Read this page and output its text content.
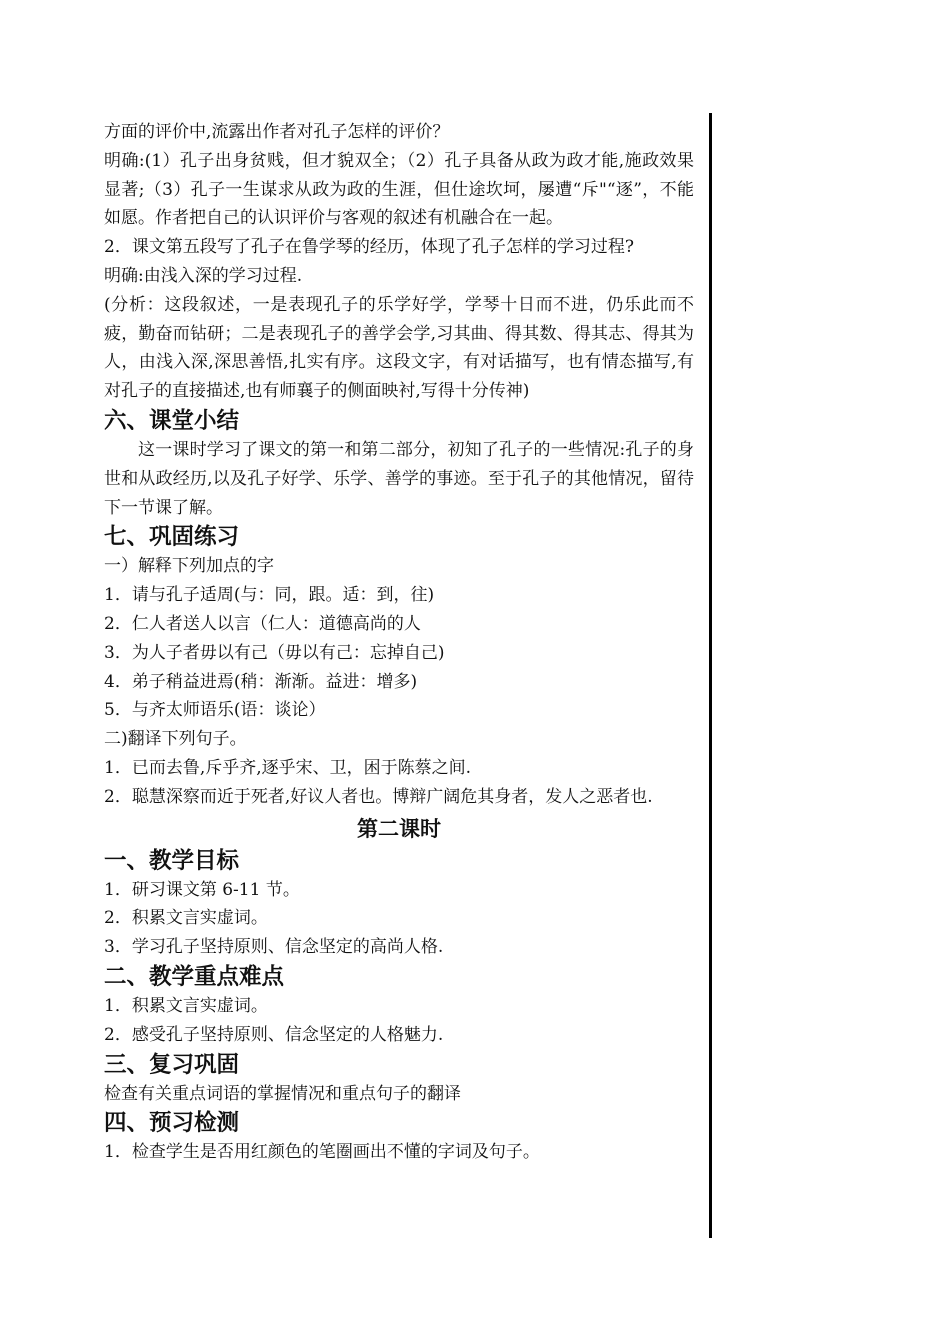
方面的评价中,流露出作者对孔子怎样的评价？

明确:(1）孔子出身贫贱，但才貌双全；（2）孔子具备从政为政才能,施政效果显著;（3）孔子一生谋求从政为政的生涯，但仕途坎坷，屡遭“斥"“逐”，不能如愿。作者把自己的认识评价与客观的叙述有机融合在一起。

2．课文第五段写了孔子在鲁学琴的经历，体现了孔子怎样的学习过程?

明确:由浅入深的学习过程.

(分析：这段叙述，一是表现孔子的乐学好学，学琴十日而不进，仍乐此而不疲，勤奋而钻研；二是表现孔子的善学会学,习其曲、得其数、得其志、得其为人，由浅入深,深思善悟,扎实有序。这段文字，有对话描写，也有情态描写,有对孔子的直接描述,也有师襄子的侧面映衬,写得十分传神)

六、课堂小结

这一课时学习了课文的第一和第二部分，初知了孔子的一些情况:孔子的身世和从政经历,以及孔子好学、乐学、善学的事迹。至于孔子的其他情况，留待下一节课了解。

七、巩固练习

一）解释下列加点的字

1．请与孔子适周(与：同，跟。适：到，往)

2．仁人者送人以言（仁人：道德高尚的人

3．为人子者毋以有己（毋以有己：忘掉自己)

4．弟子稍益进焉(稍：渐渐。益进：增多)

5．与齐太师语乐(语：谈论）

二)翻译下列句子。

1．已而去鲁,斥乎齐,逐乎宋、卫，困于陈蔡之间.

2．聪慧深察而近于死者,好议人者也。博辩广阔危其身者，发人之恶者也.

第二课时

一、教学目标

1．研习课文第 6-11 节。

2．积累文言实虚词。

3．学习孔子坚持原则、信念坚定的高尚人格.

二、教学重点难点

1．积累文言实虚词。

2．感受孔子坚持原则、信念坚定的人格魅力.

三、复习巩固

检查有关重点词语的掌握情况和重点句子的翻译

四、预习检测

1．检查学生是否用红颜色的笔圈画出不懂的字词及句子。
